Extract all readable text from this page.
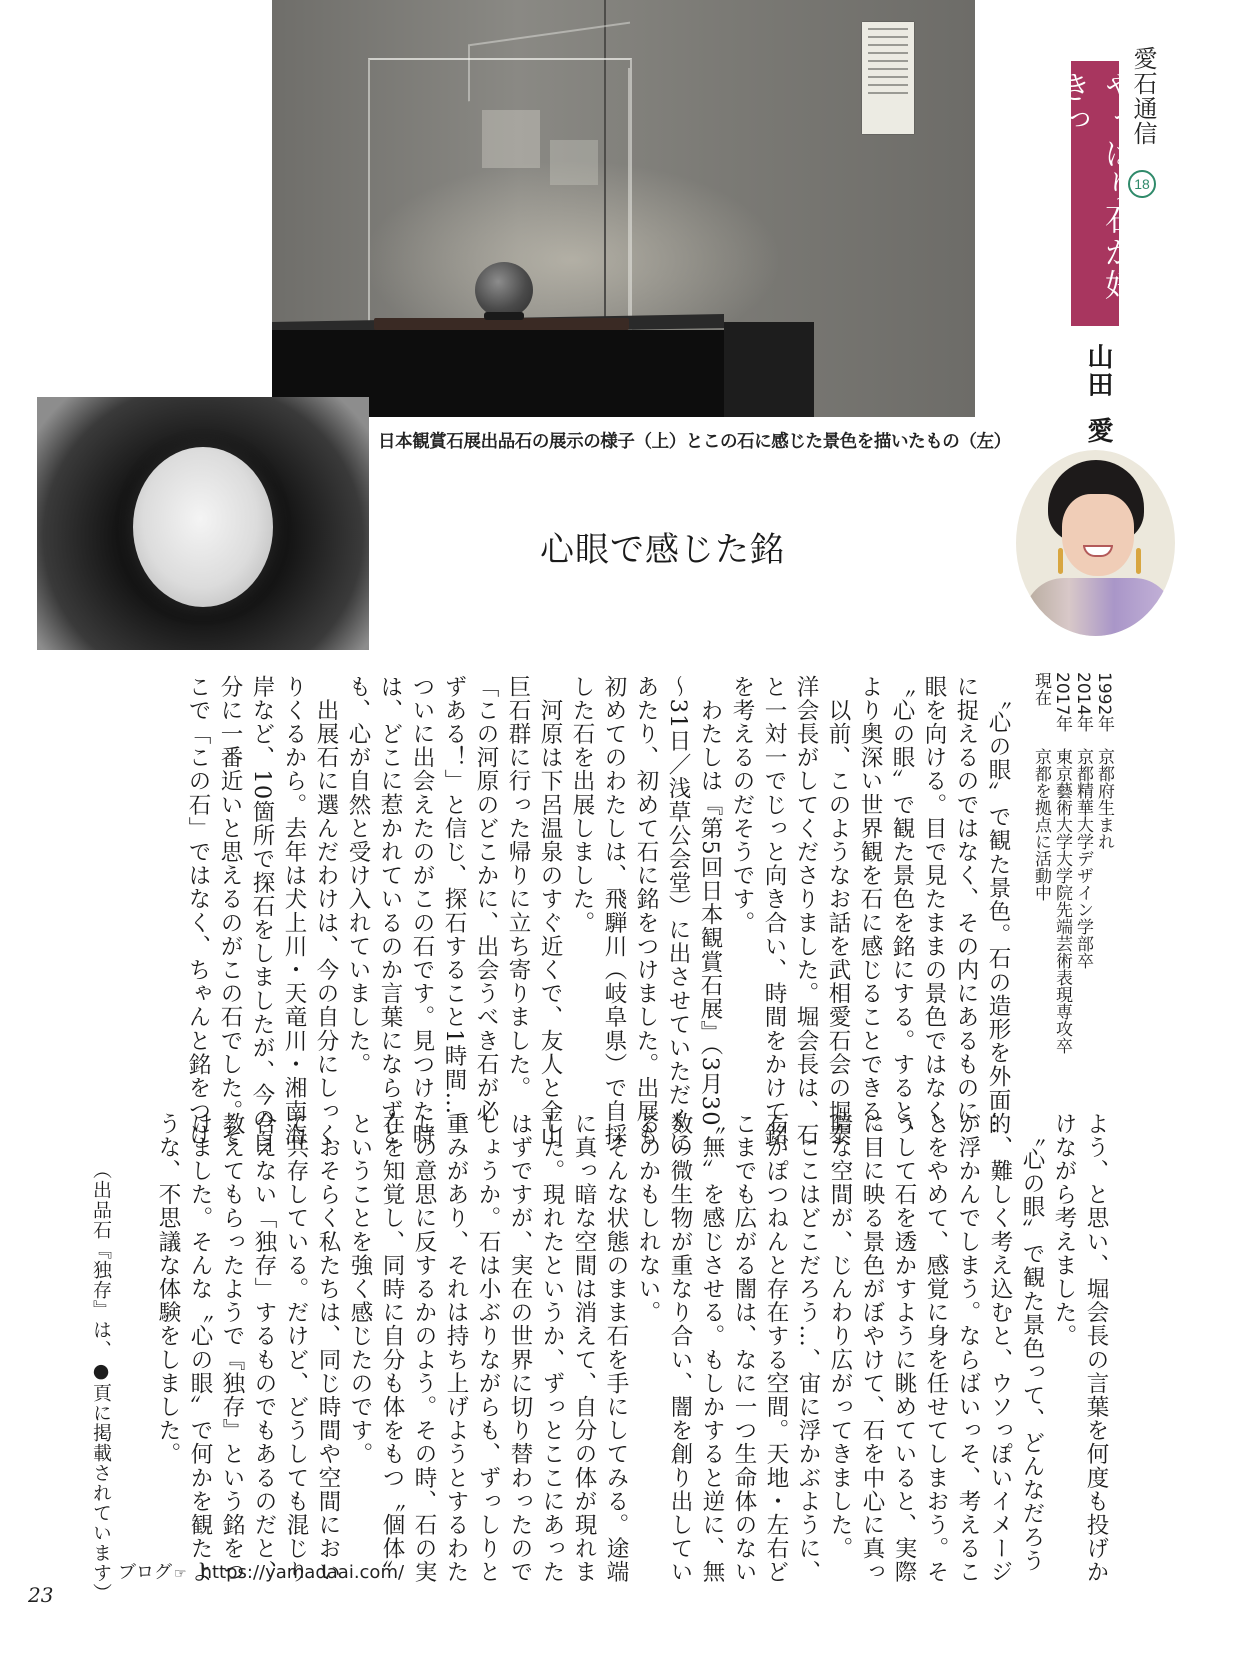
愛石通信
18
やっぱり石が好きっ
山田愛
日本観賞石展出品石の展示の様子（上）とこの石に感じた景色を描いたもの（左）
心眼で感じた銘
1992年京都府生まれ
2014年京都精華大学デザイン学部卒
2017年東京藝術大学大学院先端芸術表現専攻卒
現在京都を拠点に活動中
　〝心の眼〟で観た景色。石の造形を外面的
に捉えるのではなく、その内にあるものに
眼を向ける。目で見たままの景色ではなく、
〝心の眼〟で観た景色を銘にする。すると、
より奥深い世界観を石に感じることできる。
　以前、このようなお話を武相愛石会の堀泰
洋会長がしてくださりました。堀会長は、石
と一対一でじっと向き合い、時間をかけて銘
を考えるのだそうです。
　わたしは『第5回日本観賞石展』（3月30
～31日／浅草公会堂）に出させていただくに
あたり、初めて石に銘をつけました。出展も
初めてのわたしは、飛騨川（岐阜県）で自採
した石を出展しました。
　河原は下呂温泉のすぐ近くで、友人と金山
巨石群に行った帰りに立ち寄りました。
「この河原のどこかに、出会うべき石が必
ずある！」と信じ、探石すること1時間…、
ついに出会えたのがこの石です。見つけた時
は、どこに惹かれているのか言葉にならずと
も、心が自然と受け入れていました。
　出展石に選んだわけは、今の自分にしっく
りくるから。去年は犬上川・天竜川・湘南海
岸など、10箇所で探石をしましたが、今の自
分に一番近いと思えるのがこの石でした。そ
こで「この石」ではなく、ちゃんと銘をつけ
よう、と思い、堀会長の言葉を何度も投げか
けながら考えました。
　〝心の眼〟で観た景色って、どんなだろう
…、難しく考え込むと、ウソっぽいイメージ
が浮かんでしまう。ならばいっそ、考えるこ
とをやめて、感覚に身を任せてしまおう。そ
うして石を透かすように眺めていると、実際
に目に映る景色がぼやけて、石を中心に真っ
暗な空間が、じんわり広がってきました。
　ここはどこだろう…、宙に浮かぶように、
石がぽつねんと存在する空間。天地・左右ど
こまでも広がる闇は、なに一つ生命体のない
〝無〟を感じさせる。もしかすると逆に、無
数の微生物が重なり合い、闇を創り出してい
るのかもしれない。
　そんな状態のまま石を手にしてみる。途端
に真っ暗な空間は消えて、自分の体が現れま
した。現れたというか、ずっとここにあった
はずですが、実在の世界に切り替わったので
しょうか。石は小ぶりながらも、ずっしりと
重みがあり、それは持ち上げようとするわた
しの意思に反するかのよう。その時、石の実
在を知覚し、同時に自分も体をもつ〝個体〟
ということを強く感じたのです。
　おそらく私たちは、同じ時間や空間におい
て共存している。だけど、どうしても混じり
合えない「独存」するものでもあるのだと、
教えてもらったようで『独存』という銘をつ
けました。そんな〝心の眼〟で何かを観たよ
うな、不思議な体験をしました。
（出品石『独存』は、●頁に掲載されています） ブログ ☞ https://yamadaai.com/
23
